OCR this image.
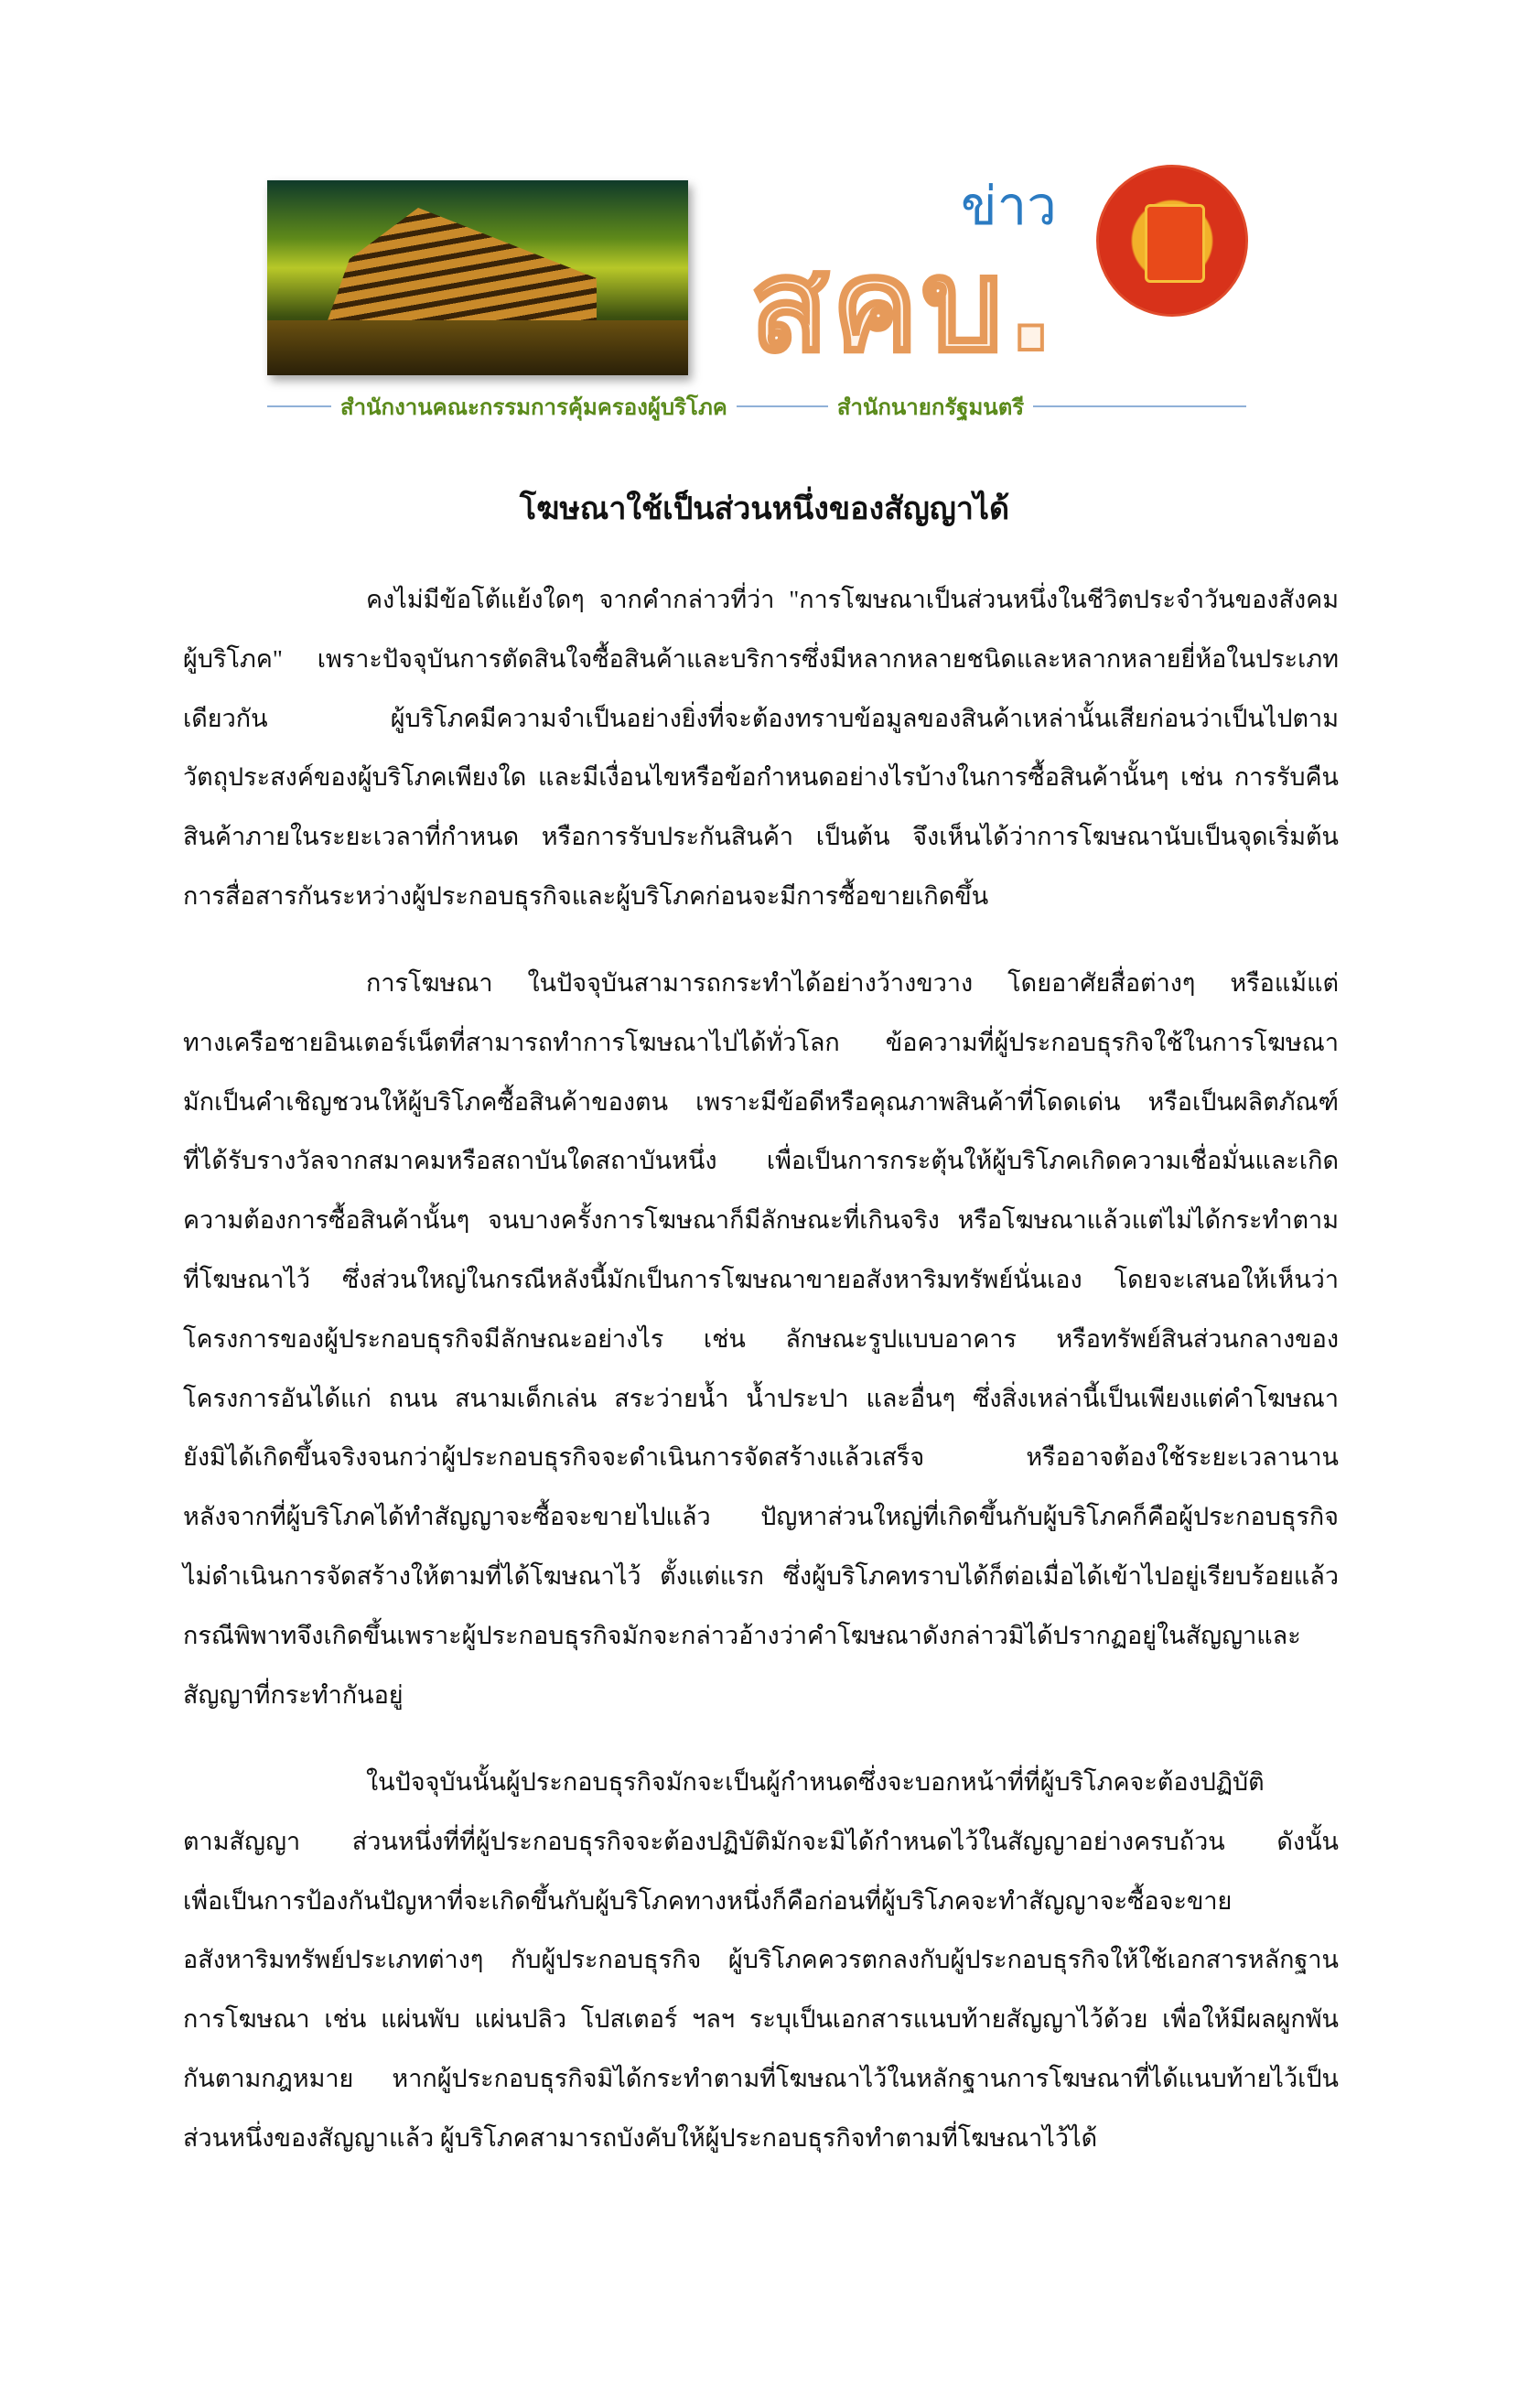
ข่าว
สคบ.
สำนักงานคณะกรรมการคุ้มครองผู้บริโภค	สำนักนายกรัฐมนตรี
โฆษณาใช้เป็นส่วนหนึ่งของสัญญาได้
คงไม่มีข้อโต้แย้งใดๆ จากคำกล่าวที่ว่า "การโฆษณาเป็นส่วนหนึ่งในชีวิตประจำวันของสังคม
ผู้บริโภค" เพราะปัจจุบันการตัดสินใจซื้อสินค้าและบริการซึ่งมีหลากหลายชนิดและหลากหลายยี่ห้อในประเภท
เดียวกัน ผู้บริโภคมีความจำเป็นอย่างยิ่งที่จะต้องทราบข้อมูลของสินค้าเหล่านั้นเสียก่อนว่าเป็นไปตาม
วัตถุประสงค์ของผู้บริโภคเพียงใด และมีเงื่อนไขหรือข้อกำหนดอย่างไรบ้างในการซื้อสินค้านั้นๆ เช่น การรับคืน
สินค้าภายในระยะเวลาที่กำหนด หรือการรับประกันสินค้า เป็นต้น จึงเห็นได้ว่าการโฆษณานับเป็นจุดเริ่มต้น
การสื่อสารกันระหว่างผู้ประกอบธุรกิจและผู้บริโภคก่อนจะมีการซื้อขายเกิดขึ้น
การโฆษณา ในปัจจุบันสามารถกระทำได้อย่างว้างขวาง โดยอาศัยสื่อต่างๆ หรือแม้แต่
ทางเครือชายอินเตอร์เน็ตที่สามารถทำการโฆษณาไปได้ทั่วโลก ข้อความที่ผู้ประกอบธุรกิจใช้ในการโฆษณา
มักเป็นคำเชิญชวนให้ผู้บริโภคซื้อสินค้าของตน เพราะมีข้อดีหรือคุณภาพสินค้าที่โดดเด่น หรือเป็นผลิตภัณฑ์
ที่ได้รับรางวัลจากสมาคมหรือสถาบันใดสถาบันหนึ่ง เพื่อเป็นการกระตุ้นให้ผู้บริโภคเกิดความเชื่อมั่นและเกิด
ความต้องการซื้อสินค้านั้นๆ จนบางครั้งการโฆษณาก็มีลักษณะที่เกินจริง หรือโฆษณาแล้วแต่ไม่ได้กระทำตาม
ที่โฆษณาไว้ ซึ่งส่วนใหญ่ในกรณีหลังนี้มักเป็นการโฆษณาขายอสังหาริมทรัพย์นั่นเอง โดยจะเสนอให้เห็นว่า
โครงการของผู้ประกอบธุรกิจมีลักษณะอย่างไร เช่น ลักษณะรูปแบบอาคาร หรือทรัพย์สินส่วนกลางของ
โครงการอันได้แก่ ถนน สนามเด็กเล่น สระว่ายน้ำ น้ำประปา และอื่นๆ ซึ่งสิ่งเหล่านี้เป็นเพียงแต่คำโฆษณา
ยังมิได้เกิดขึ้นจริงจนกว่าผู้ประกอบธุรกิจจะดำเนินการจัดสร้างแล้วเสร็จ หรืออาจต้องใช้ระยะเวลานาน
หลังจากที่ผู้บริโภคได้ทำสัญญาจะซื้อจะขายไปแล้ว ปัญหาส่วนใหญ่ที่เกิดขึ้นกับผู้บริโภคก็คือผู้ประกอบธุรกิจ
ไม่ดำเนินการจัดสร้างให้ตามที่ได้โฆษณาไว้ ตั้งแต่แรก ซึ่งผู้บริโภคทราบได้ก็ต่อเมื่อได้เข้าไปอยู่เรียบร้อยแล้ว
กรณีพิพาทจึงเกิดขึ้นเพราะผู้ประกอบธุรกิจมักจะกล่าวอ้างว่าคำโฆษณาดังกล่าวมิได้ปรากฏอยู่ในสัญญาและ
สัญญาที่กระทำกันอยู่
ในปัจจุบันนั้นผู้ประกอบธุรกิจมักจะเป็นผู้กำหนดซึ่งจะบอกหน้าที่ที่ผู้บริโภคจะต้องปฏิบัติ
ตามสัญญา ส่วนหนึ่งที่ที่ผู้ประกอบธุรกิจจะต้องปฏิบัติมักจะมิได้กำหนดไว้ในสัญญาอย่างครบถ้วน ดังนั้น
เพื่อเป็นการป้องกันปัญหาที่จะเกิดขึ้นกับผู้บริโภคทางหนึ่งก็คือก่อนที่ผู้บริโภคจะทำสัญญาจะซื้อจะขาย
อสังหาริมทรัพย์ประเภทต่างๆ กับผู้ประกอบธุรกิจ ผู้บริโภคควรตกลงกับผู้ประกอบธุรกิจให้ใช้เอกสารหลักฐาน
การโฆษณา เช่น แผ่นพับ แผ่นปลิว โปสเตอร์ ฯลฯ ระบุเป็นเอกสารแนบท้ายสัญญาไว้ด้วย เพื่อให้มีผลผูกพัน
กันตามกฎหมาย หากผู้ประกอบธุรกิจมิได้กระทำตามที่โฆษณาไว้ในหลักฐานการโฆษณาที่ได้แนบท้ายไว้เป็น
ส่วนหนึ่งของสัญญาแล้ว ผู้บริโภคสามารถบังคับให้ผู้ประกอบธุรกิจทำตามที่โฆษณาไว้ได้
